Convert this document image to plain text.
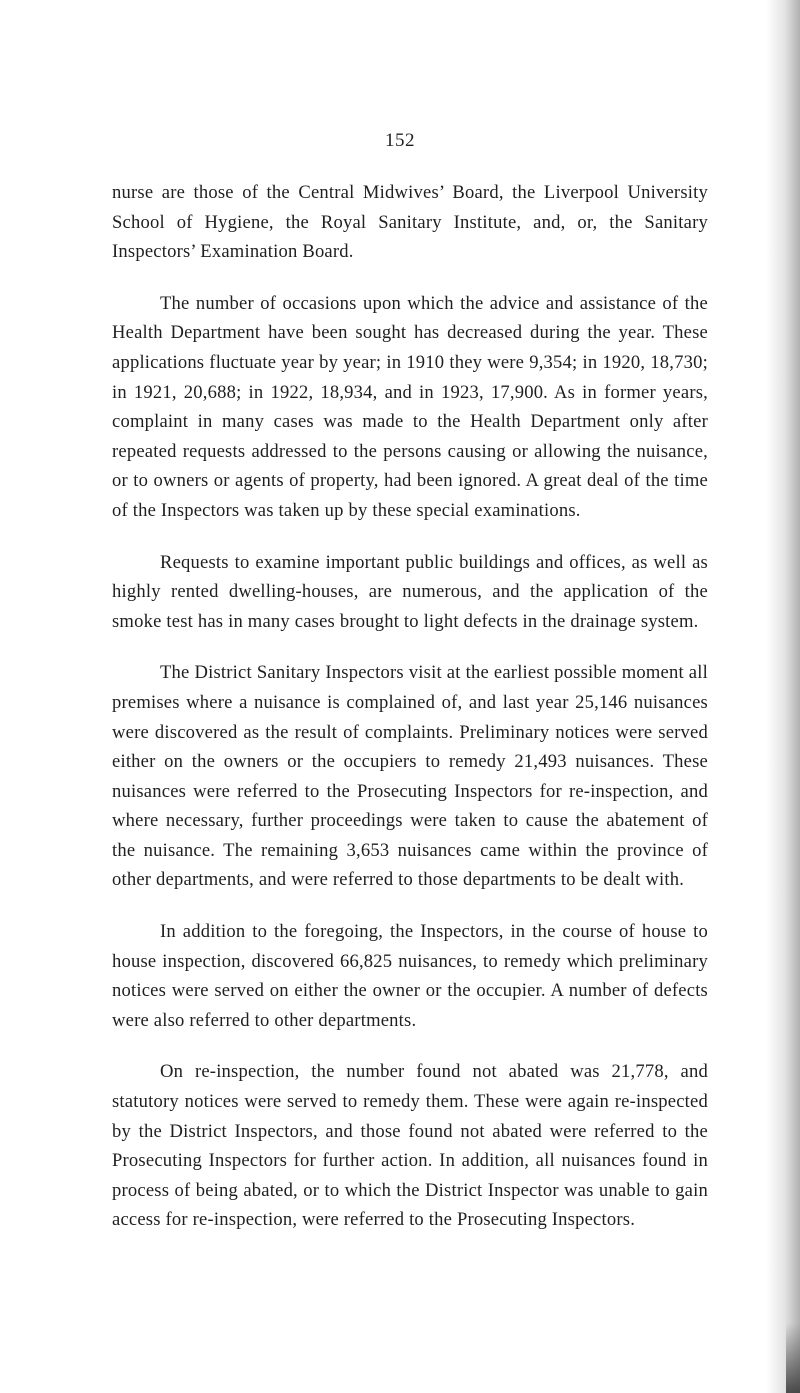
152

nurse are those of the Central Midwives’ Board, the Liverpool University School of Hygiene, the Royal Sanitary Institute, and, or, the Sanitary Inspectors’ Examination Board.

The number of occasions upon which the advice and assistance of the Health Department have been sought has decreased during the year. These applications fluctuate year by year; in 1910 they were 9,354; in 1920, 18,730; in 1921, 20,688; in 1922, 18,934, and in 1923, 17,900. As in former years, complaint in many cases was made to the Health Department only after repeated requests addressed to the persons causing or allowing the nuisance, or to owners or agents of property, had been ignored. A great deal of the time of the Inspectors was taken up by these special examinations.

Requests to examine important public buildings and offices, as well as highly rented dwelling-houses, are numerous, and the application of the smoke test has in many cases brought to light defects in the drainage system.

The District Sanitary Inspectors visit at the earliest possible moment all premises where a nuisance is complained of, and last year 25,146 nuisances were discovered as the result of complaints. Preliminary notices were served either on the owners or the occupiers to remedy 21,493 nuisances. These nuisances were referred to the Prosecuting Inspectors for re-inspection, and where necessary, further proceedings were taken to cause the abatement of the nuisance. The remaining 3,653 nuisances came within the province of other departments, and were referred to those departments to be dealt with.

In addition to the foregoing, the Inspectors, in the course of house to house inspection, discovered 66,825 nuisances, to remedy which preliminary notices were served on either the owner or the occupier. A number of defects were also referred to other departments.

On re-inspection, the number found not abated was 21,778, and statutory notices were served to remedy them. These were again re-inspected by the District Inspectors, and those found not abated were referred to the Prosecuting Inspectors for further action. In addition, all nuisances found in process of being abated, or to which the District Inspector was unable to gain access for re-inspection, were referred to the Prosecuting Inspectors.
